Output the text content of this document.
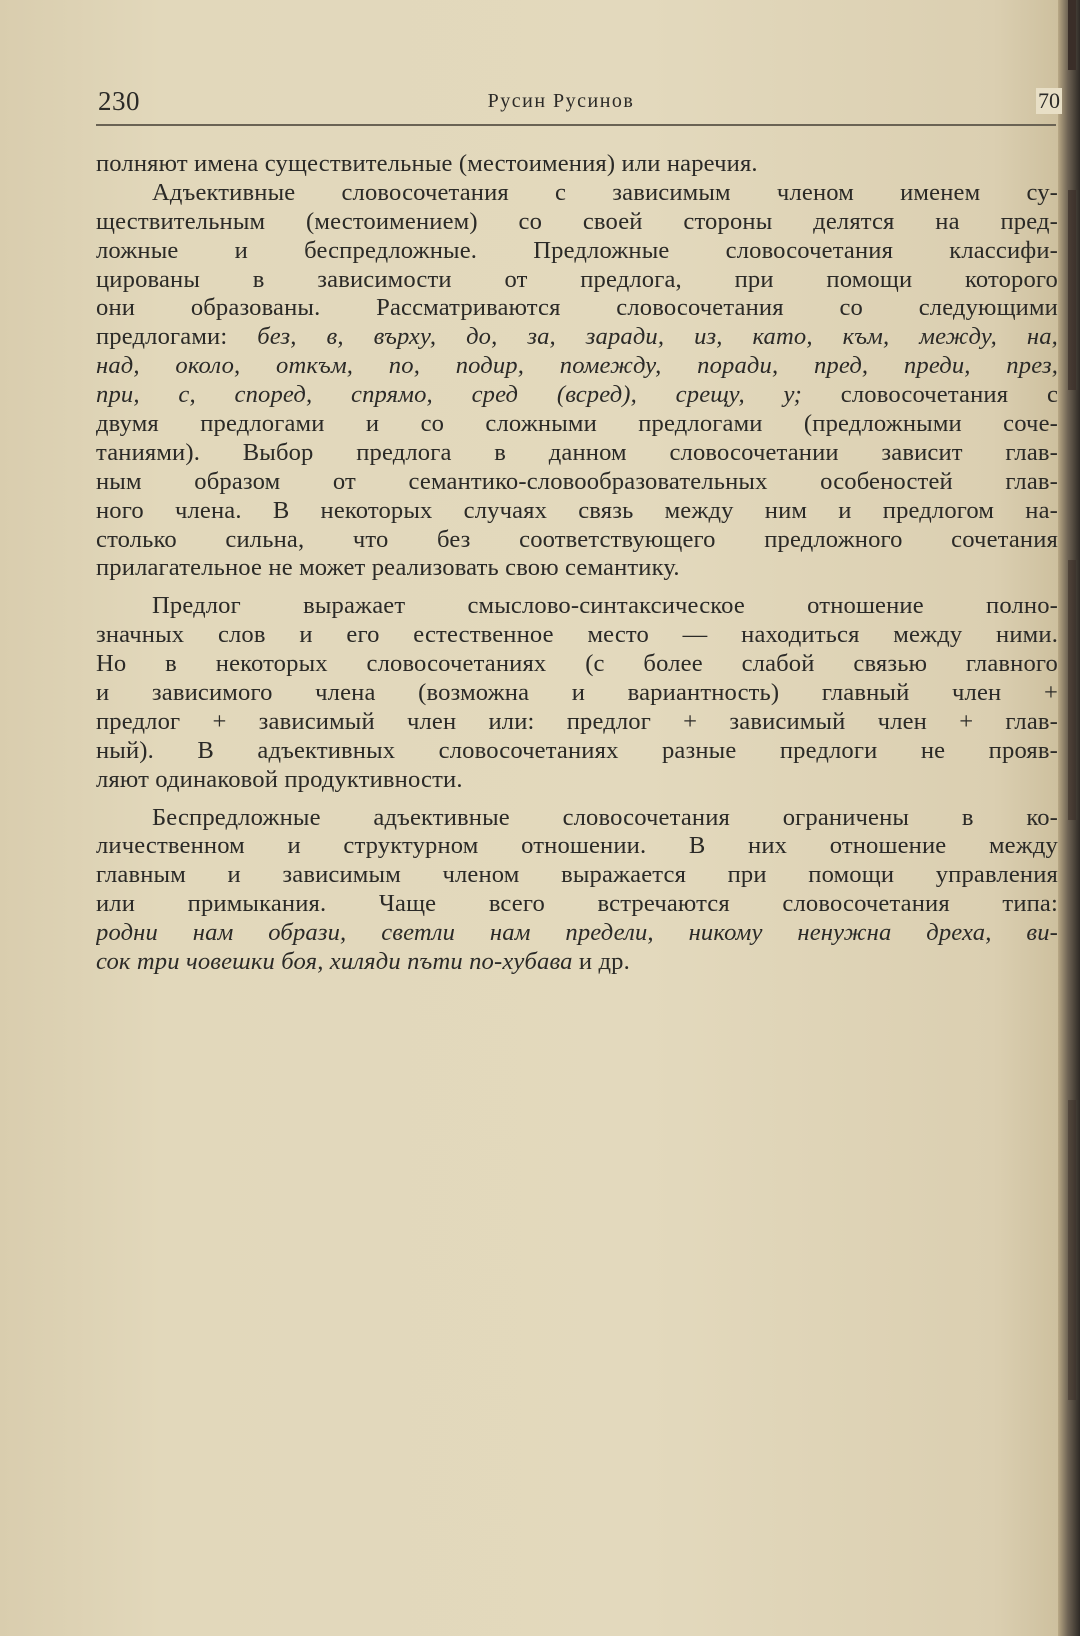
230	Русин Русинов	70
полняют имена существительные (местоимения) или наречия.
Адъективные словосочетания с зависимым членом именем су-
ществительным (местоимением) со своей стороны делятся на пред-
ложные и беспредложные. Предложные словосочетания классифи-
цированы в зависимости от предлога, при помощи которого
они образованы. Рассматриваются словосочетания со следующими
предлогами: без, в, върху, до, за, заради, из, като, към, между, на,
над, около, откъм, по, подир, помежду, поради, пред, преди, през,
при, с, според, спрямо, сред (всред), срещу, у; словосочетания с
двумя предлогами и со сложными предлогами (предложными соче-
таниями). Выбор предлога в данном словосочетании зависит глав-
ным образом от семантико-словообразовательных особеностей глав-
ного члена. В некоторых случаях связь между ним и предлогом на-
столько сильна, что без соответствующего предложного сочетания
прилагательное не может реализовать свою семантику.
Предлог выражает смыслово-синтаксическое отношение полно-
значных слов и его естественное место — находиться между ними.
Но в некоторых словосочетаниях (с более слабой связью главного
и зависимого члена (возможна и вариантность) главный член +
предлог + зависимый член или: предлог + зависимый член + глав-
ный). В адъективных словосочетаниях разные предлоги не прояв-
ляют одинаковой продуктивности.
Беспредложные адъективные словосочетания ограничены в ко-
личественном и структурном отношении. В них отношение между
главным и зависимым членом выражается при помощи управления
или примыкания. Чаще всего встречаются словосочетания типа:
родни нам образи, светли нам предели, никому ненужна дреха, ви-
сок три човешки боя, хиляди пъти по-хубава и др.
